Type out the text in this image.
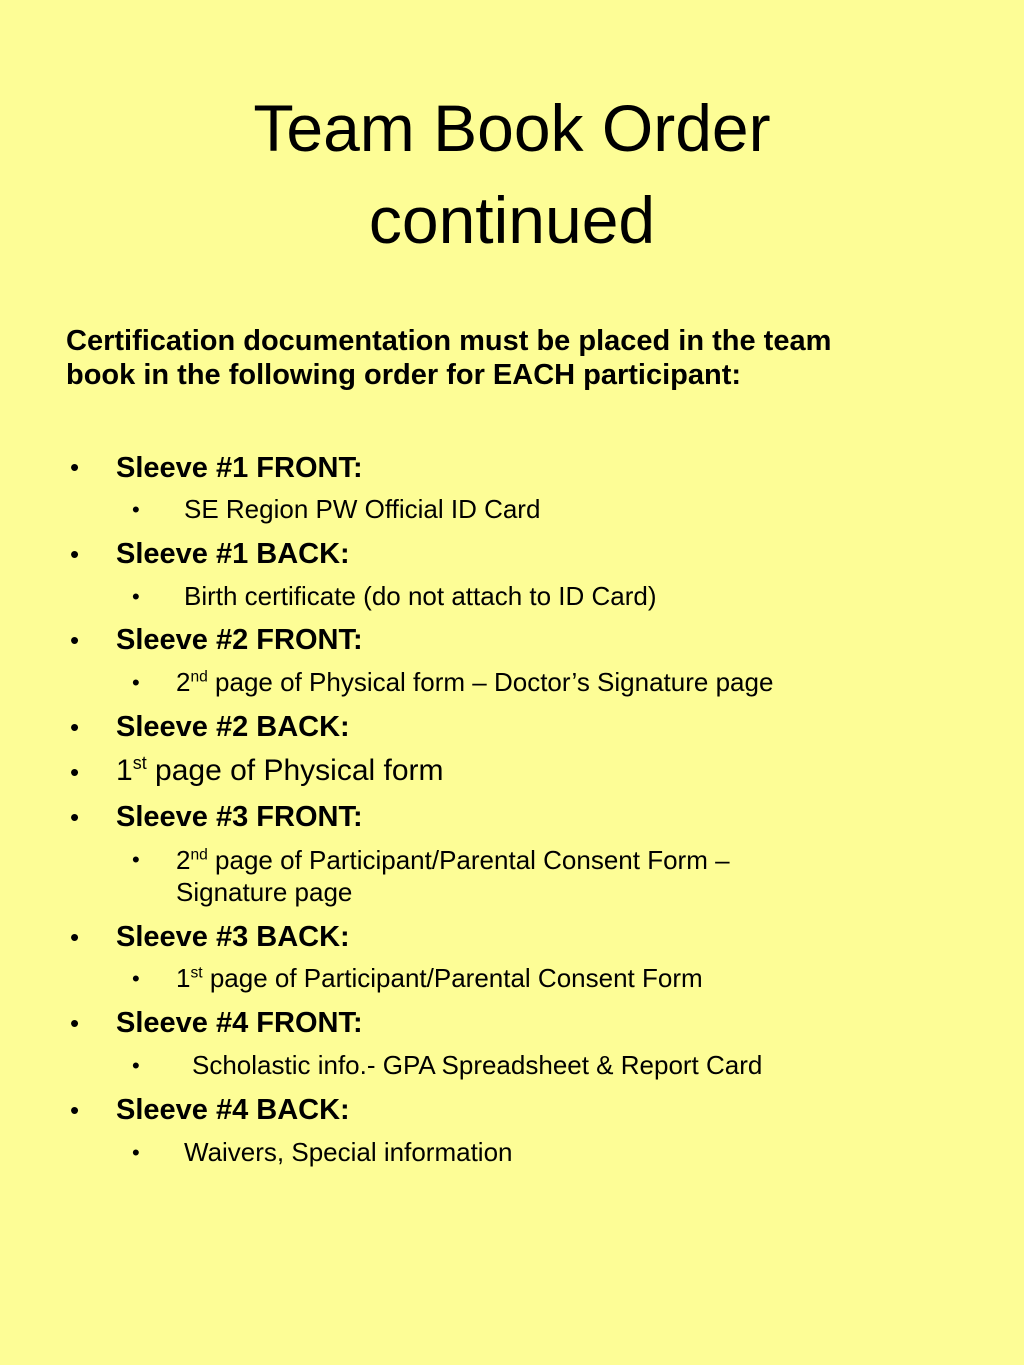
Team Book Order
continued
Certification documentation must be placed in the team
book in the following order for EACH participant:
• Sleeve #1 FRONT:
• SE Region PW Official ID Card
• Sleeve #1 BACK:
• Birth certificate (do not attach to ID Card)
• Sleeve #2 FRONT:
• 2nd page of Physical form – Doctor’s Signature page
• Sleeve #2 BACK:
• 1st page of Physical form
• Sleeve #3 FRONT:
• 2nd page of Participant/Parental Consent Form –
Signature page
• Sleeve #3 BACK:
• 1st page of Participant/Parental Consent Form
• Sleeve #4 FRONT:
• Scholastic info.- GPA Spreadsheet & Report Card
• Sleeve #4 BACK:
• Waivers, Special information
